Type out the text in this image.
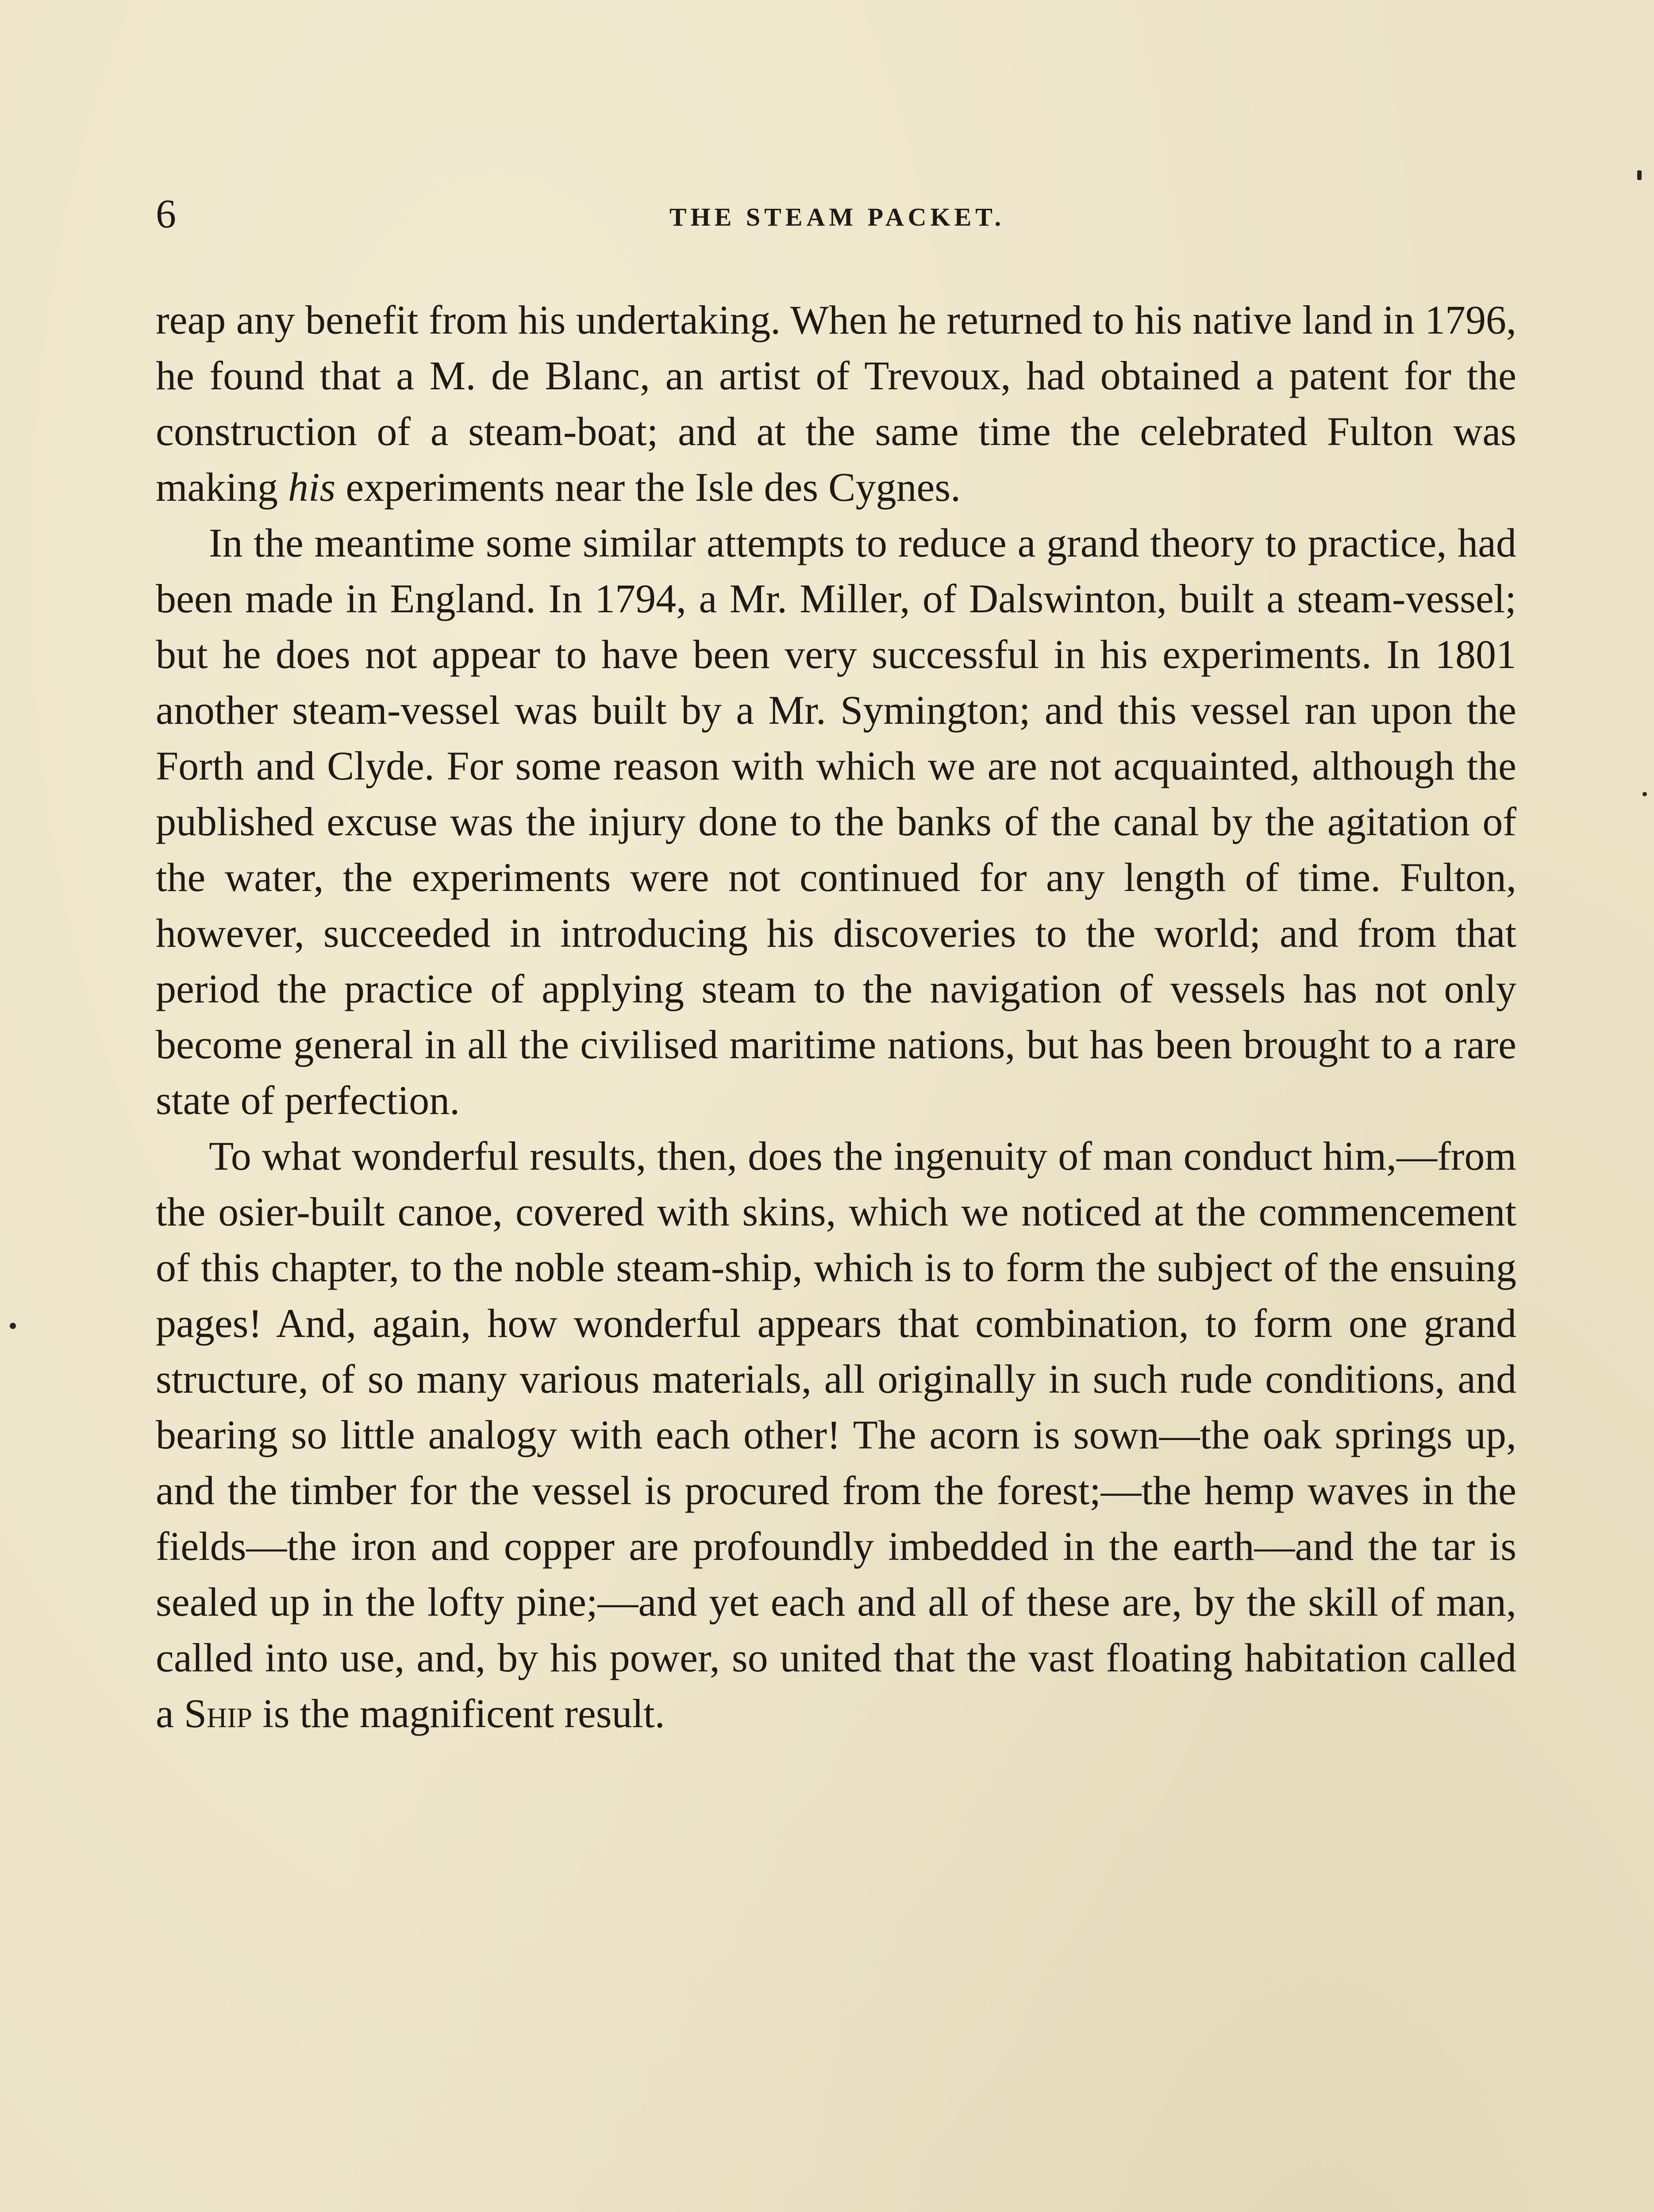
6	THE STEAM PACKET.

reap any benefit from his undertaking. When he returned to his native land in 1796, he found that a M. de Blanc, an artist of Trevoux, had obtained a patent for the construction of a steam-boat; and at the same time the celebrated Fulton was making his experiments near the Isle des Cygnes.

In the meantime some similar attempts to reduce a grand theory to practice, had been made in England. In 1794, a Mr. Miller, of Dalswinton, built a steam-vessel; but he does not appear to have been very successful in his experiments. In 1801 another steam-vessel was built by a Mr. Symington; and this vessel ran upon the Forth and Clyde. For some reason with which we are not acquainted, although the published excuse was the injury done to the banks of the canal by the agitation of the water, the experiments were not continued for any length of time. Fulton, however, succeeded in introducing his discoveries to the world; and from that period the practice of applying steam to the navigation of vessels has not only become general in all the civilised maritime nations, but has been brought to a rare state of perfection.

To what wonderful results, then, does the ingenuity of man conduct him,—from the osier-built canoe, covered with skins, which we noticed at the commencement of this chapter, to the noble steam-ship, which is to form the subject of the ensuing pages! And, again, how wonderful appears that combination, to form one grand structure, of so many various materials, all originally in such rude conditions, and bearing so little analogy with each other! The acorn is sown—the oak springs up, and the timber for the vessel is procured from the forest;—the hemp waves in the fields—the iron and copper are profoundly imbedded in the earth—and the tar is sealed up in the lofty pine;—and yet each and all of these are, by the skill of man, called into use, and, by his power, so united that the vast floating habitation called a Ship is the magnificent result.
